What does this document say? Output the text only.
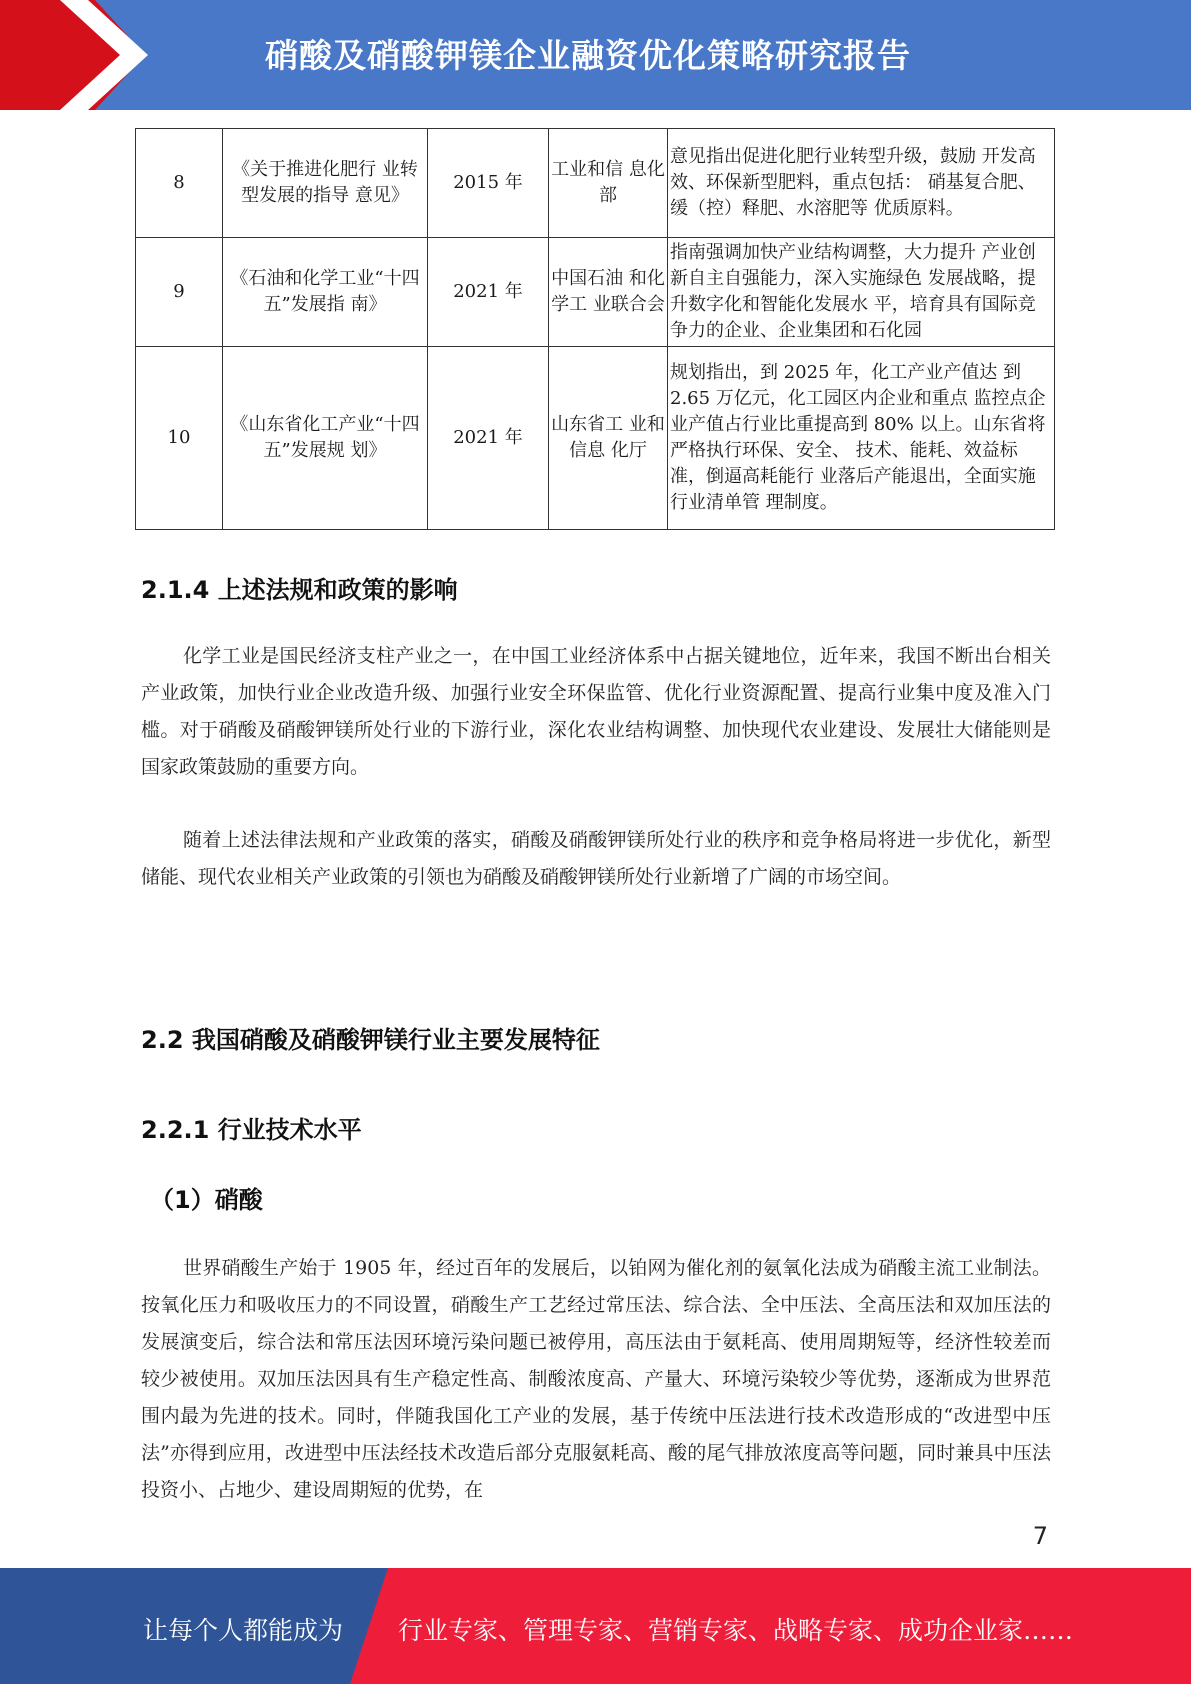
硝酸及硝酸钾镁企业融资优化策略研究报告
8	《关于推进化肥行 业转型发展的指导 意见》	2015 年	工业和信 息化部	意见指出促进化肥行业转型升级，鼓励 开发高效、环保新型肥料，重点包括： 硝基复合肥、缓（控）释肥、水溶肥等 优质原料。
9	《石油和化学工业“十四五”发展指 南》	2021 年	中国石油 和化学工 业联合会	指南强调加快产业结构调整，大力提升 产业创新自主自强能力，深入实施绿色 发展战略，提升数字化和智能化发展水 平，培育具有国际竞争力的企业、企业集团和石化园
10	《山东省化工产业“十四五”发展规 划》	2021 年	山东省工 业和信息 化厅	规划指出，到 2025 年，化工产业产值达 到 2.65 万亿元，化工园区内企业和重点 监控点企业产值占行业比重提高到 80% 以上。山东省将严格执行环保、安全、 技术、能耗、效益标准，倒逼高耗能行 业落后产能退出，全面实施行业清单管 理制度。
2.1.4 上述法规和政策的影响
化学工业是国民经济支柱产业之一，在中国工业经济体系中占据关键地位，近年来，我国不断出台相关产业政策，加快行业企业改造升级、加强行业安全环保监管、优化行业资源配置、提高行业集中度及准入门槛。对于硝酸及硝酸钾镁所处行业的下游行业，深化农业结构调整、加快现代农业建设、发展壮大储能则是国家政策鼓励的重要方向。
随着上述法律法规和产业政策的落实，硝酸及硝酸钾镁所处行业的秩序和竞争格局将进一步优化，新型储能、现代农业相关产业政策的引领也为硝酸及硝酸钾镁所处行业新增了广阔的市场空间。
2.2 我国硝酸及硝酸钾镁行业主要发展特征
2.2.1 行业技术水平
（1）硝酸
世界硝酸生产始于 1905 年，经过百年的发展后，以铂网为催化剂的氨氧化法成为硝酸主流工业制法。按氧化压力和吸收压力的不同设置，硝酸生产工艺经过常压法、综合法、全中压法、全高压法和双加压法的发展演变后，综合法和常压法因环境污染问题已被停用，高压法由于氨耗高、使用周期短等，经济性较差而较少被使用。双加压法因具有生产稳定性高、制酸浓度高、产量大、环境污染较少等优势，逐渐成为世界范围内最为先进的技术。同时，伴随我国化工产业的发展，基于传统中压法进行技术改造形成的“改进型中压法”亦得到应用，改进型中压法经技术改造后部分克服氨耗高、酸的尾气排放浓度高等问题，同时兼具中压法投资小、占地少、建设周期短的优势，在
7
让每个人都能成为 行业专家、管理专家、营销专家、战略专家、成功企业家……
